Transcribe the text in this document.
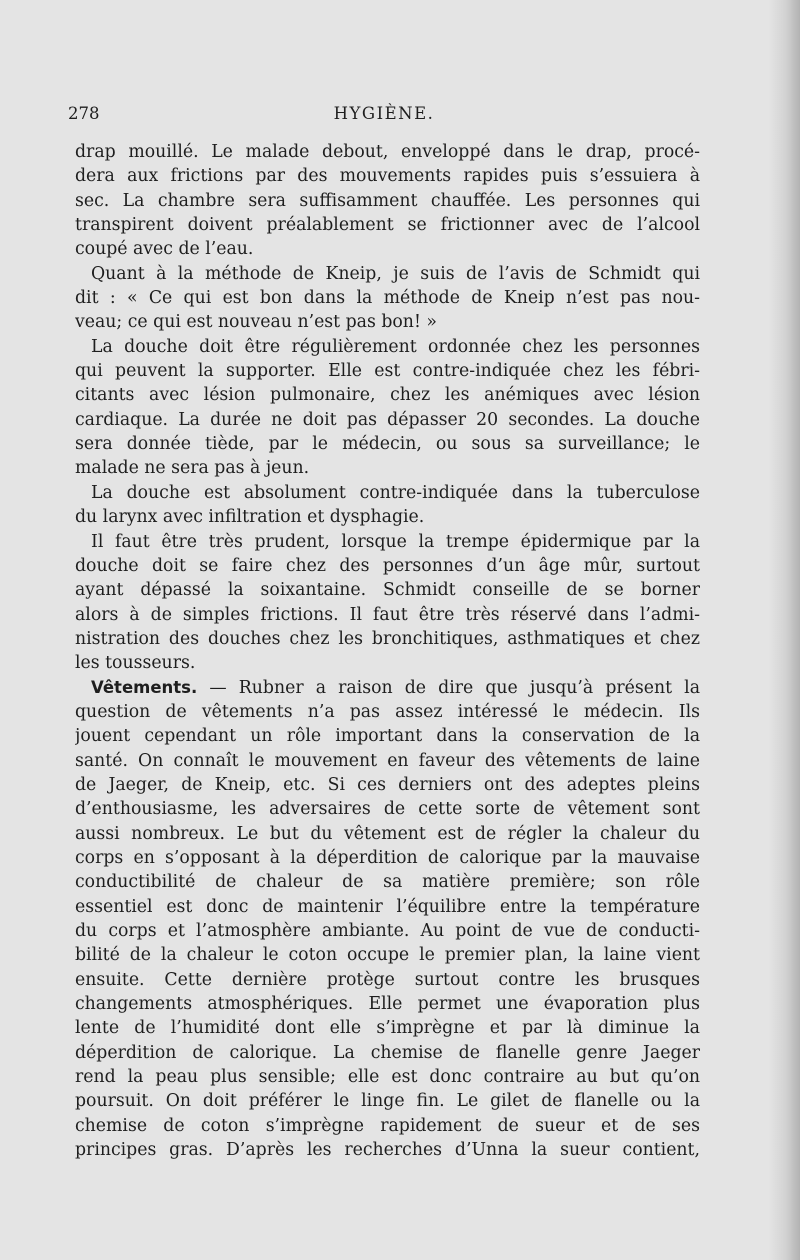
278	HYGIÈNE.
drap mouillé. Le malade debout, enveloppé dans le drap, procé-
dera aux frictions par des mouvements rapides puis s’essuiera à
sec. La chambre sera suffisamment chauffée. Les personnes qui
transpirent doivent préalablement se frictionner avec de l’alcool
coupé avec de l’eau.
Quant à la méthode de Kneip, je suis de l’avis de Schmidt qui
dit : « Ce qui est bon dans la méthode de Kneip n’est pas nou-
veau; ce qui est nouveau n’est pas bon! »
La douche doit être régulièrement ordonnée chez les personnes
qui peuvent la supporter. Elle est contre-indiquée chez les fébri-
citants avec lésion pulmonaire, chez les anémiques avec lésion
cardiaque. La durée ne doit pas dépasser 20 secondes. La douche
sera donnée tiède, par le médecin, ou sous sa surveillance; le
malade ne sera pas à jeun.
La douche est absolument contre-indiquée dans la tuberculose
du larynx avec infiltration et dysphagie.
Il faut être très prudent, lorsque la trempe épidermique par la
douche doit se faire chez des personnes d’un âge mûr, surtout
ayant dépassé la soixantaine. Schmidt conseille de se borner
alors à de simples frictions. Il faut être très réservé dans l’admi-
nistration des douches chez les bronchitiques, asthmatiques et chez
les tousseurs.
Vêtements. — Rubner a raison de dire que jusqu’à présent la
question de vêtements n’a pas assez intéressé le médecin. Ils
jouent cependant un rôle important dans la conservation de la
santé. On connaît le mouvement en faveur des vêtements de laine
de Jaeger, de Kneip, etc. Si ces derniers ont des adeptes pleins
d’enthousiasme, les adversaires de cette sorte de vêtement sont
aussi nombreux. Le but du vêtement est de régler la chaleur du
corps en s’opposant à la déperdition de calorique par la mauvaise
conductibilité de chaleur de sa matière première; son rôle
essentiel est donc de maintenir l’équilibre entre la température
du corps et l’atmosphère ambiante. Au point de vue de conducti-
bilité de la chaleur le coton occupe le premier plan, la laine vient
ensuite. Cette dernière protège surtout contre les brusques
changements atmosphériques. Elle permet une évaporation plus
lente de l’humidité dont elle s’imprègne et par là diminue la
déperdition de calorique. La chemise de flanelle genre Jaeger
rend la peau plus sensible; elle est donc contraire au but qu’on
poursuit. On doit préférer le linge fin. Le gilet de flanelle ou la
chemise de coton s’imprègne rapidement de sueur et de ses
principes gras. D’après les recherches d’Unna la sueur contient,
